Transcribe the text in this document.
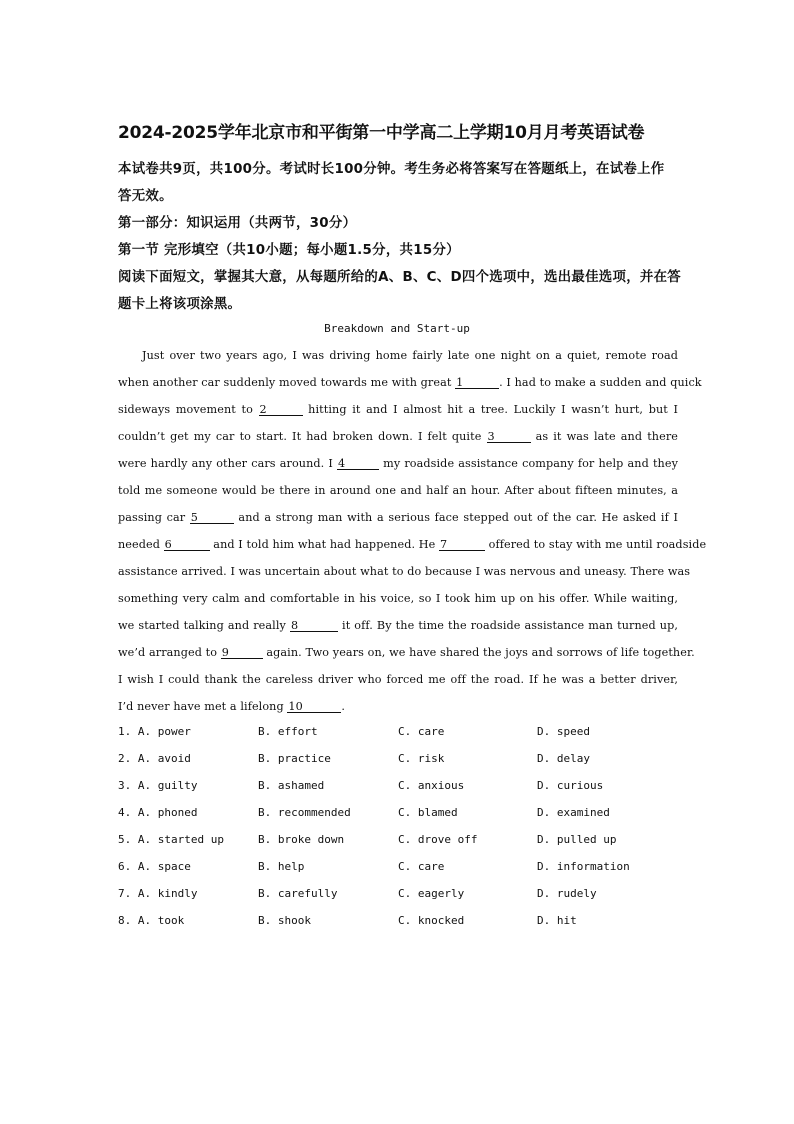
2024-2025学年北京市和平街第一中学高二上学期10月月考英语试卷
本试卷共9页，共100分。考试时长100分钟。考生务必将答案写在答题纸上，在试卷上作
答无效。
第一部分：知识运用（共两节，30分）
第一节 完形填空（共10小题；每小题1.5分，共15分）
阅读下面短文，掌握其大意，从每题所给的A、B、C、D四个选项中，选出最佳选项，并在答
题卡上将该项涂黑。
Breakdown and Start-up
Just over two years ago, I was driving home fairly late one night on a quiet, remote road
when another car suddenly moved towards me with great 1	. I had to make a sudden and quick
sideways movement to 2	hitting it and I almost hit a tree. Luckily I wasn’t hurt, but I
couldn’t get my car to start. It had broken down. I felt quite 3	as it was late and there
were hardly any other cars around. I 4	my roadside assistance company for help and they
told me someone would be there in around one and half an hour. After about fifteen minutes, a
passing car 5	and a strong man with a serious face stepped out of the car. He asked if I
needed 6	and I told him what had happened. He 7	offered to stay with me until roadside
assistance arrived. I was uncertain about what to do because I was nervous and uneasy. There was
something very calm and comfortable in his voice, so I took him up on his offer. While waiting,
we started talking and really 8	it off. By the time the roadside assistance man turned up,
we’d arranged to 9	again. Two years on, we have shared the joys and sorrows of life together.
I wish I could thank the careless driver who forced me off the road. If he was a better driver,
I’d never have met a lifelong 10	.
1. A. power	B. effort	C. care	D. speed
2. A. avoid	B. practice	C. risk	D. delay
3. A. guilty	B. ashamed	C. anxious	D. curious
4. A. phoned	B. recommended	C. blamed	D. examined
5. A. started up	B. broke down	C. drove off	D. pulled up
6. A. space	B. help	C. care	D. information
7. A. kindly	B. carefully	C. eagerly	D. rudely
8. A. took	B. shook	C. knocked	D. hit
